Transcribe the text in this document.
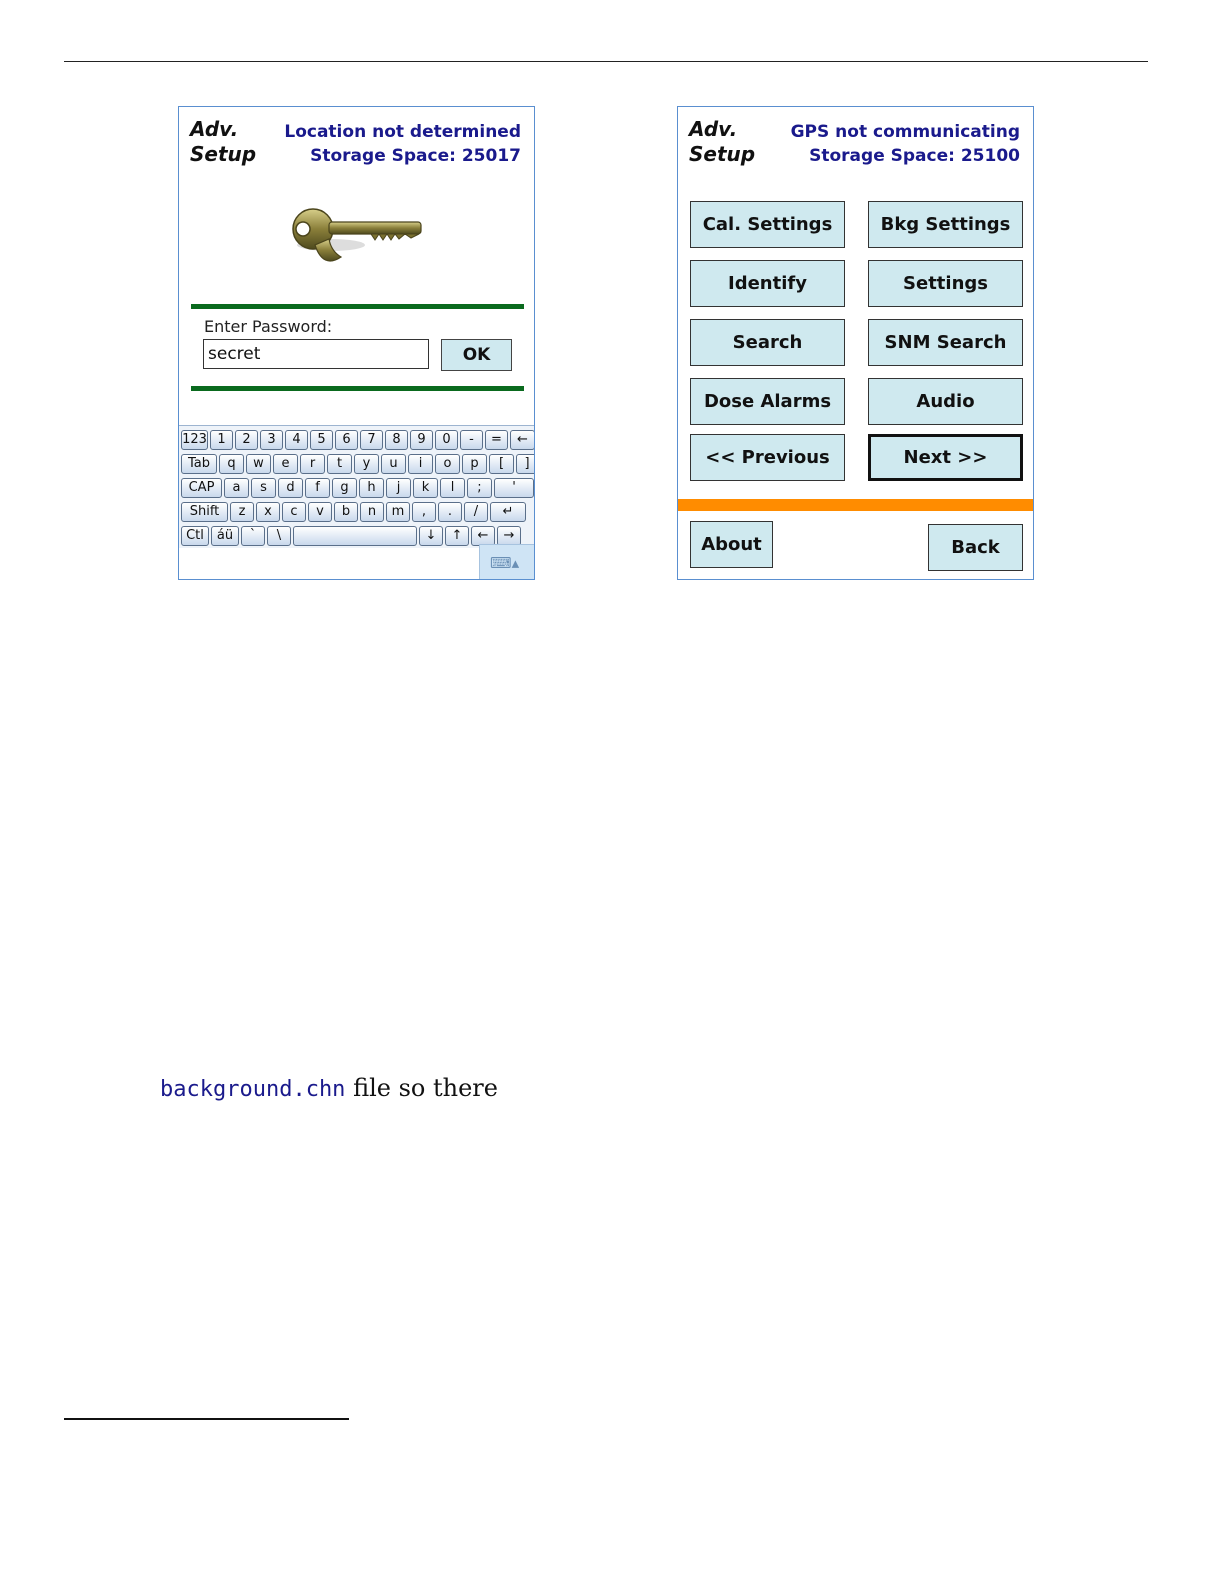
Adv.
Setup
Location not determined
Storage Space: 25017
Enter Password:
secret
OK
123 1	2	3	4	5	6	7	8	9	0	-	=	←
Tab	q	w	e	r	t	y	u	i	o	p	[	]
CAP	a	s	d	f	g	h	j	k	l	;	'
Shift	z	x	c	v	b	n	m	,	.	/	↵
Ctl	áü	`	\	↓	↑	←	→
⌨▴
Adv.
Setup
GPS not communicating
Storage Space: 25100
Cal. Settings	Bkg Settings
Identify	Settings
Search	SNM Search
Dose Alarms	Audio
<< Previous	Next >>
About	Back
background.chn file so there
